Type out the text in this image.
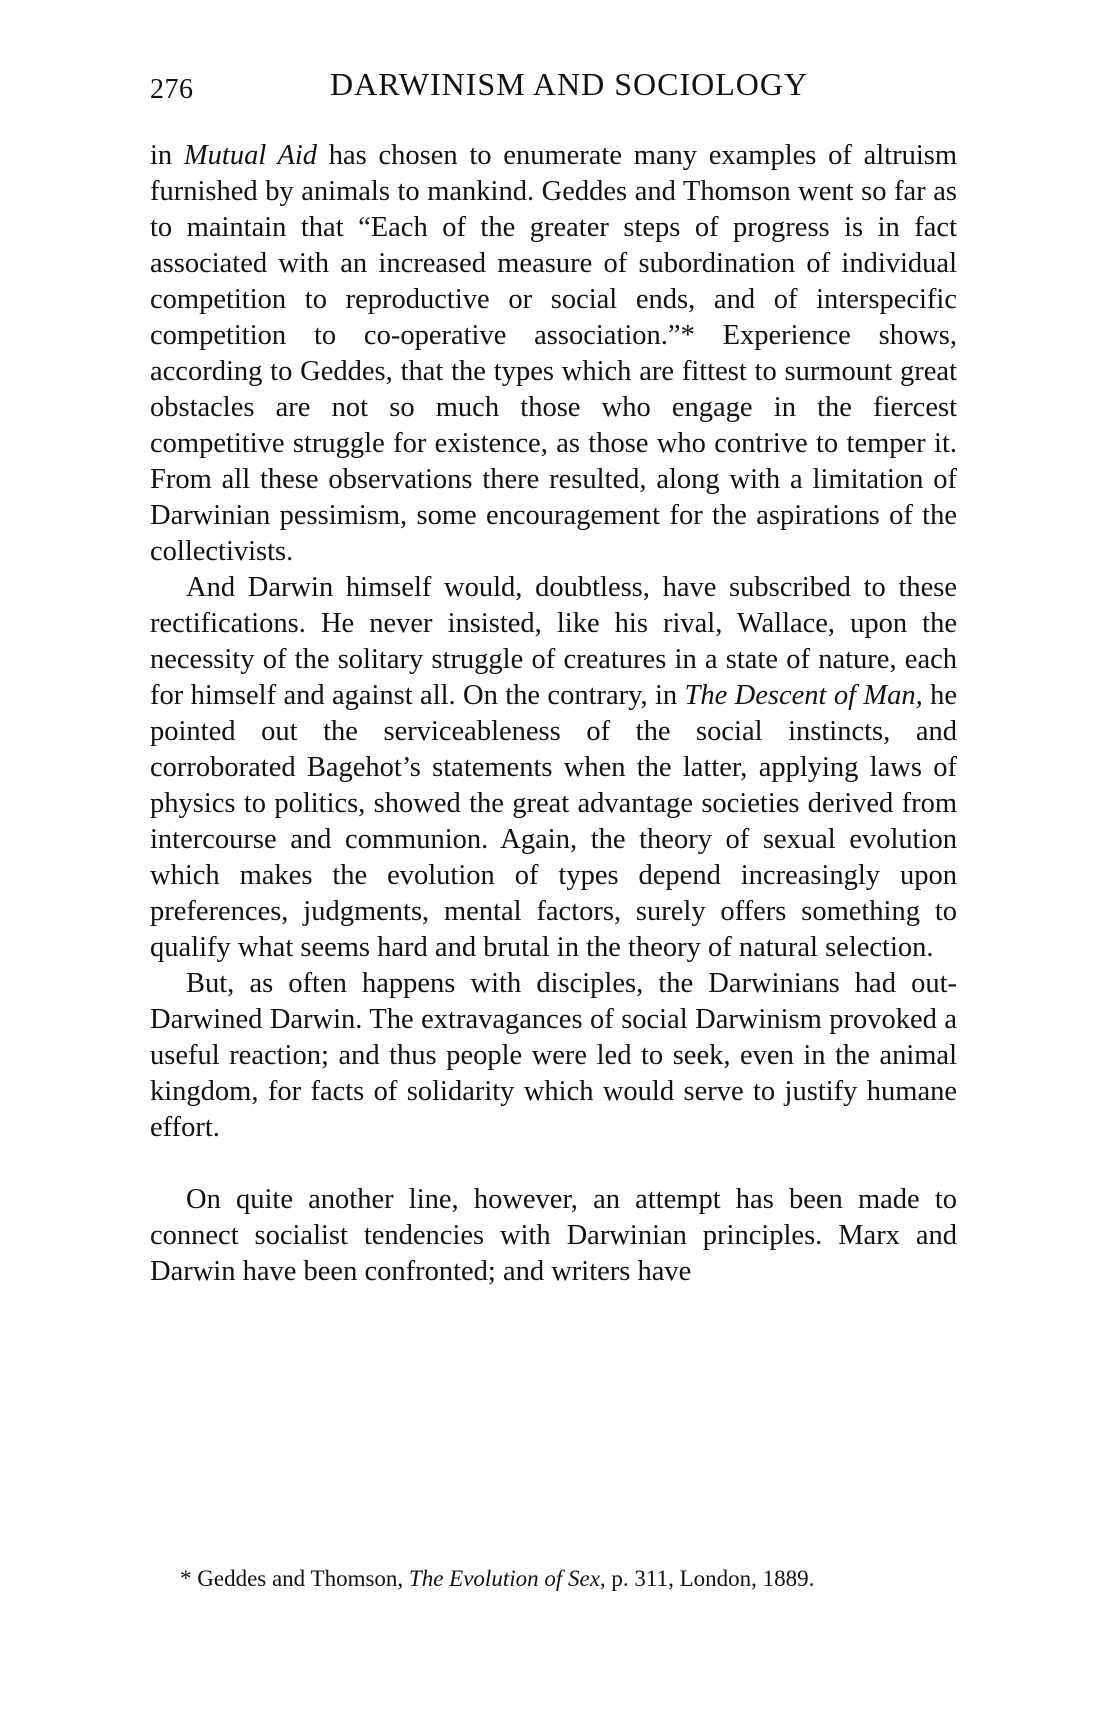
276	DARWINISM AND SOCIOLOGY

in Mutual Aid has chosen to enumerate many examples of altruism furnished by animals to mankind. Geddes and Thomson went so far as to maintain that “Each of the greater steps of progress is in fact associated with an increased measure of subordination of individual competition to reproductive or social ends, and of interspecific competition to co-operative association.”* Experience shows, according to Geddes, that the types which are fittest to surmount great obstacles are not so much those who engage in the fiercest competitive struggle for existence, as those who contrive to temper it. From all these observations there resulted, along with a limitation of Darwinian pessimism, some encouragement for the aspirations of the collectivists.

And Darwin himself would, doubtless, have subscribed to these rectifications. He never insisted, like his rival, Wallace, upon the necessity of the solitary struggle of creatures in a state of nature, each for himself and against all. On the contrary, in The Descent of Man, he pointed out the serviceableness of the social instincts, and corroborated Bagehot’s statements when the latter, applying laws of physics to politics, showed the great advantage societies derived from intercourse and communion. Again, the theory of sexual evolution which makes the evolution of types depend increasingly upon preferences, judgments, mental factors, surely offers something to qualify what seems hard and brutal in the theory of natural selection.

But, as often happens with disciples, the Darwinians had out-Darwined Darwin. The extravagances of social Darwinism provoked a useful reaction; and thus people were led to seek, even in the animal kingdom, for facts of solidarity which would serve to justify humane effort.

On quite another line, however, an attempt has been made to connect socialist tendencies with Darwinian principles. Marx and Darwin have been confronted; and writers have

* Geddes and Thomson, The Evolution of Sex, p. 311, London, 1889.
